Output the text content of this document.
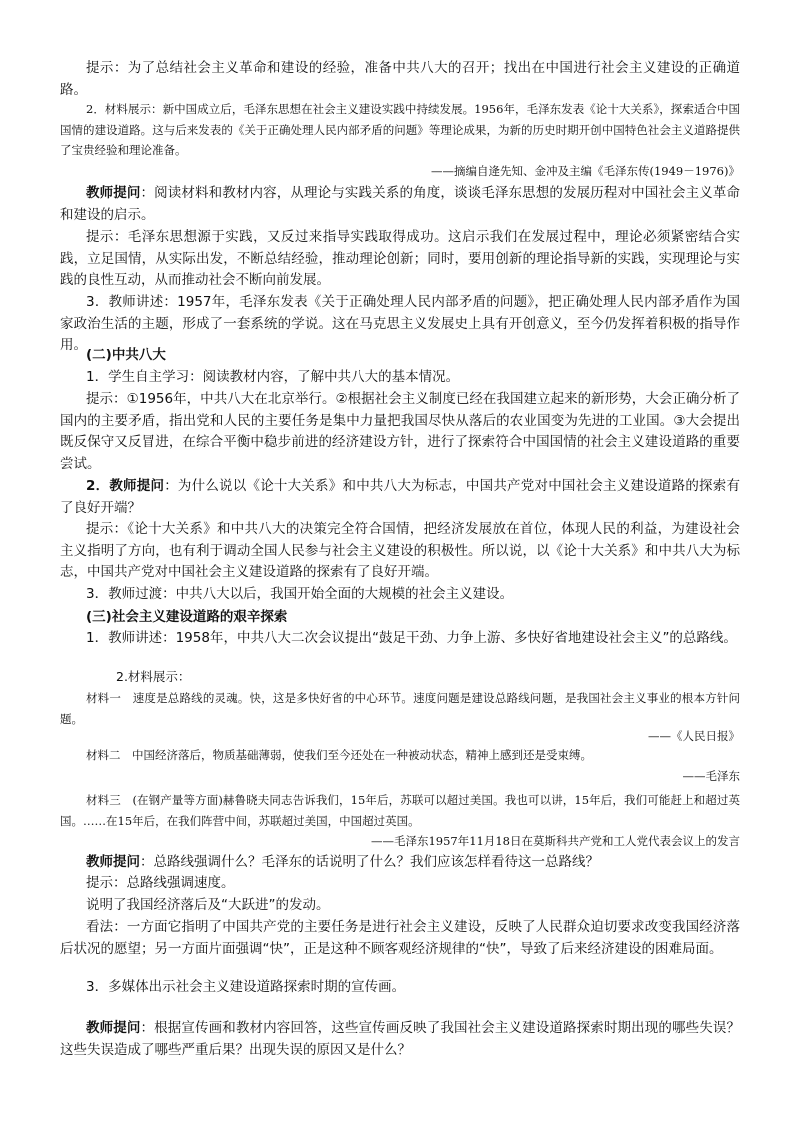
提示：为了总结社会主义革命和建设的经验，准备中共八大的召开；找出在中国进行社会主义建设的正确道路。

2．材料展示：新中国成立后，毛泽东思想在社会主义建设实践中持续发展。1956年，毛泽东发表《论十大关系》，探索适合中国国情的建设道路。这与后来发表的《关于正确处理人民内部矛盾的问题》等理论成果，为新的历史时期开创中国特色社会主义道路提供了宝贵经验和理论准备。

——摘编自逄先知、金冲及主编《毛泽东传(1949－1976)》

教师提问：阅读材料和教材内容，从理论与实践关系的角度，谈谈毛泽东思想的发展历程对中国社会主义革命和建设的启示。

提示：毛泽东思想源于实践，又反过来指导实践取得成功。这启示我们在发展过程中，理论必须紧密结合实践，立足国情，从实际出发，不断总结经验，推动理论创新；同时，要用创新的理论指导新的实践，实现理论与实践的良性互动，从而推动社会不断向前发展。

3．教师讲述：1957年，毛泽东发表《关于正确处理人民内部矛盾的问题》，把正确处理人民内部矛盾作为国家政治生活的主题，形成了一套系统的学说。这在马克思主义发展史上具有开创意义，至今仍发挥着积极的指导作用。

(二)中共八大

1．学生自主学习：阅读教材内容，了解中共八大的基本情况。

提示：①1956年，中共八大在北京举行。②根据社会主义制度已经在我国建立起来的新形势，大会正确分析了国内的主要矛盾，指出党和人民的主要任务是集中力量把我国尽快从落后的农业国变为先进的工业国。③大会提出既反保守又反冒进，在综合平衡中稳步前进的经济建设方针，进行了探索符合中国国情的社会主义建设道路的重要尝试。

2．教师提问：为什么说以《论十大关系》和中共八大为标志，中国共产党对中国社会主义建设道路的探索有了良好开端？

提示：《论十大关系》和中共八大的决策完全符合国情，把经济发展放在首位，体现人民的利益，为建设社会主义指明了方向，也有利于调动全国人民参与社会主义建设的积极性。所以说，以《论十大关系》和中共八大为标志，中国共产党对中国社会主义建设道路的探索有了良好开端。

3．教师过渡：中共八大以后，我国开始全面的大规模的社会主义建设。

(三)社会主义建设道路的艰辛探索

1．教师讲述：1958年，中共八大二次会议提出“鼓足干劲、力争上游、多快好省地建设社会主义”的总路线。

2.材料展示：

材料一　速度是总路线的灵魂。快，这是多快好省的中心环节。速度问题是建设总路线问题，是我国社会主义事业的根本方针问题。

——《人民日报》

材料二　中国经济落后，物质基础薄弱，使我们至今还处在一种被动状态，精神上感到还是受束缚。

——毛泽东

材料三　(在钢产量等方面)赫鲁晓夫同志告诉我们，15年后，苏联可以超过美国。我也可以讲，15年后，我们可能赶上和超过英国。……在15年后，在我们阵营中间，苏联超过美国，中国超过英国。

——毛泽东1957年11月18日在莫斯科共产党和工人党代表会议上的发言

教师提问：总路线强调什么？毛泽东的话说明了什么？我们应该怎样看待这一总路线？

提示：总路线强调速度。

说明了我国经济落后及“大跃进”的发动。

看法：一方面它指明了中国共产党的主要任务是进行社会主义建设，反映了人民群众迫切要求改变我国经济落后状况的愿望；另一方面片面强调“快”，正是这种不顾客观经济规律的“快”，导致了后来经济建设的困难局面。

3．多媒体出示社会主义建设道路探索时期的宣传画。

教师提问：根据宣传画和教材内容回答，这些宣传画反映了我国社会主义建设道路探索时期出现的哪些失误？这些失误造成了哪些严重后果？出现失误的原因又是什么？
